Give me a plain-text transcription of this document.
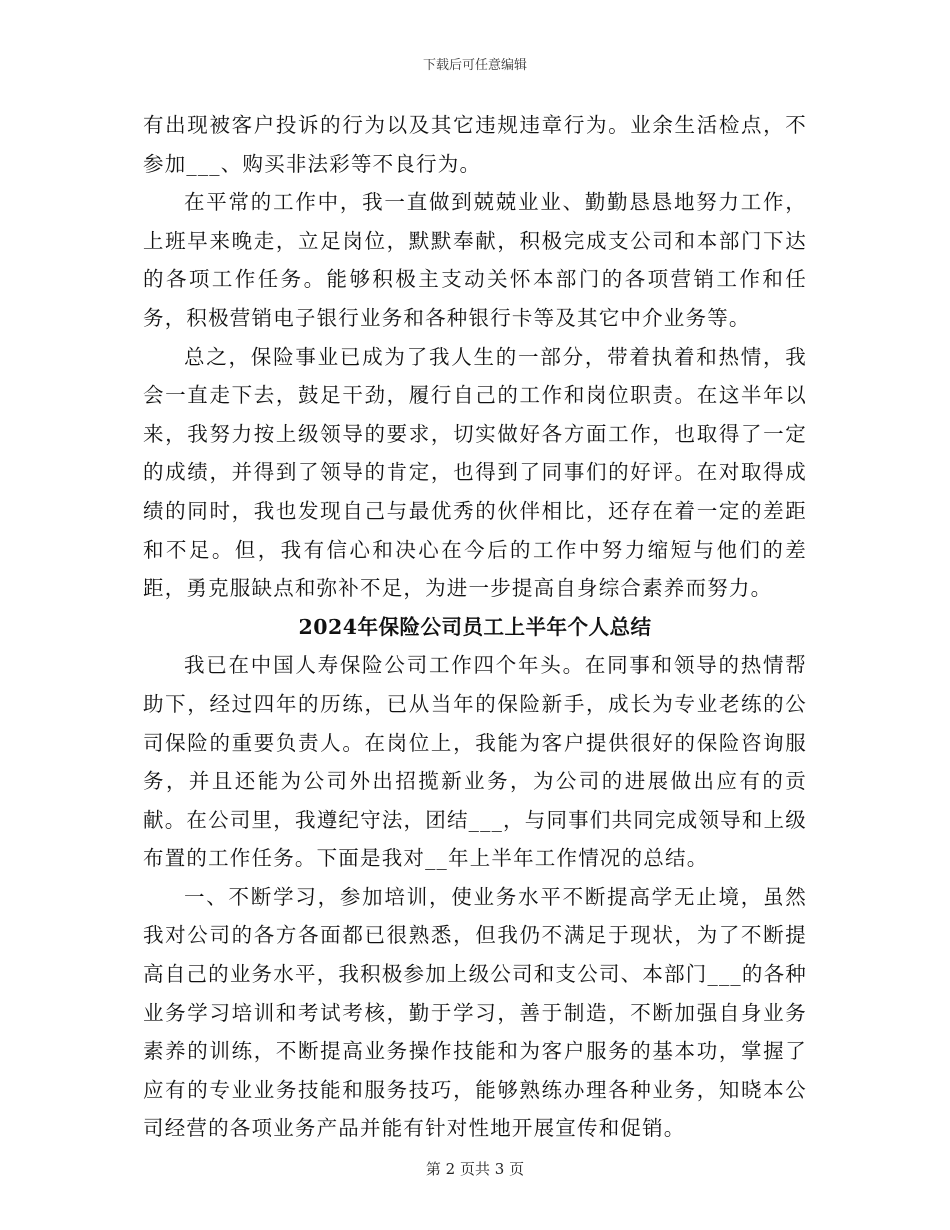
下载后可任意编辑

有出现被客户投诉的行为以及其它违规违章行为。业余生活检点，不参加___、购买非法彩等不良行为。

在平常的工作中，我一直做到兢兢业业、勤勤恳恳地努力工作，上班早来晚走，立足岗位，默默奉献，积极完成支公司和本部门下达的各项工作任务。能够积极主支动关怀本部门的各项营销工作和任务，积极营销电子银行业务和各种银行卡等及其它中介业务等。

总之，保险事业已成为了我人生的一部分，带着执着和热情，我会一直走下去，鼓足干劲，履行自己的工作和岗位职责。在这半年以来，我努力按上级领导的要求，切实做好各方面工作，也取得了一定的成绩，并得到了领导的肯定，也得到了同事们的好评。在对取得成绩的同时，我也发现自己与最优秀的伙伴相比，还存在着一定的差距和不足。但，我有信心和决心在今后的工作中努力缩短与他们的差距，勇克服缺点和弥补不足，为进一步提高自身综合素养而努力。

2024年保险公司员工上半年个人总结

我已在中国人寿保险公司工作四个年头。在同事和领导的热情帮助下，经过四年的历练，已从当年的保险新手，成长为专业老练的公司保险的重要负责人。在岗位上，我能为客户提供很好的保险咨询服务，并且还能为公司外出招揽新业务，为公司的进展做出应有的贡献。在公司里，我遵纪守法，团结___，与同事们共同完成领导和上级布置的工作任务。下面是我对__年上半年工作情况的总结。

一、不断学习，参加培训，使业务水平不断提高学无止境，虽然我对公司的各方各面都已很熟悉，但我仍不满足于现状，为了不断提高自己的业务水平，我积极参加上级公司和支公司、本部门___的各种业务学习培训和考试考核，勤于学习，善于制造，不断加强自身业务素养的训练，不断提高业务操作技能和为客户服务的基本功，掌握了应有的专业业务技能和服务技巧，能够熟练办理各种业务，知晓本公司经营的各项业务产品并能有针对性地开展宣传和促销。

第 2 页共 3 页
